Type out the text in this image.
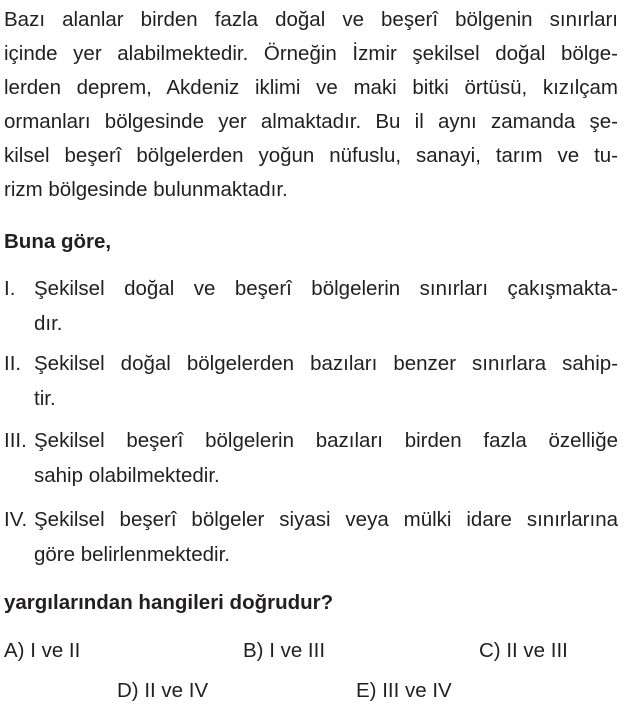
Bazı alanlar birden fazla doğal ve beşerî bölgenin sınırları
içinde yer alabilmektedir. Örneğin İzmir şekilsel doğal bölge-
lerden deprem, Akdeniz iklimi ve maki bitki örtüsü, kızılçam
ormanları bölgesinde yer almaktadır. Bu il aynı zamanda şe-
kilsel beşerî bölgelerden yoğun nüfuslu, sanayi, tarım ve tu-
rizm bölgesinde bulunmaktadır.
Buna göre,
I. Şekilsel doğal ve beşerî bölgelerin sınırları çakışmakta-
dır.
II. Şekilsel doğal bölgelerden bazıları benzer sınırlara sahip-
tir.
III. Şekilsel beşerî bölgelerin bazıları birden fazla özelliğe
sahip olabilmektedir.
IV. Şekilsel beşerî bölgeler siyasi veya mülki idare sınırlarına
göre belirlenmektedir.
yargılarından hangileri doğrudur?
A) I ve II	B) I ve III	C) II ve III
D) II ve IV	E) III ve IV
